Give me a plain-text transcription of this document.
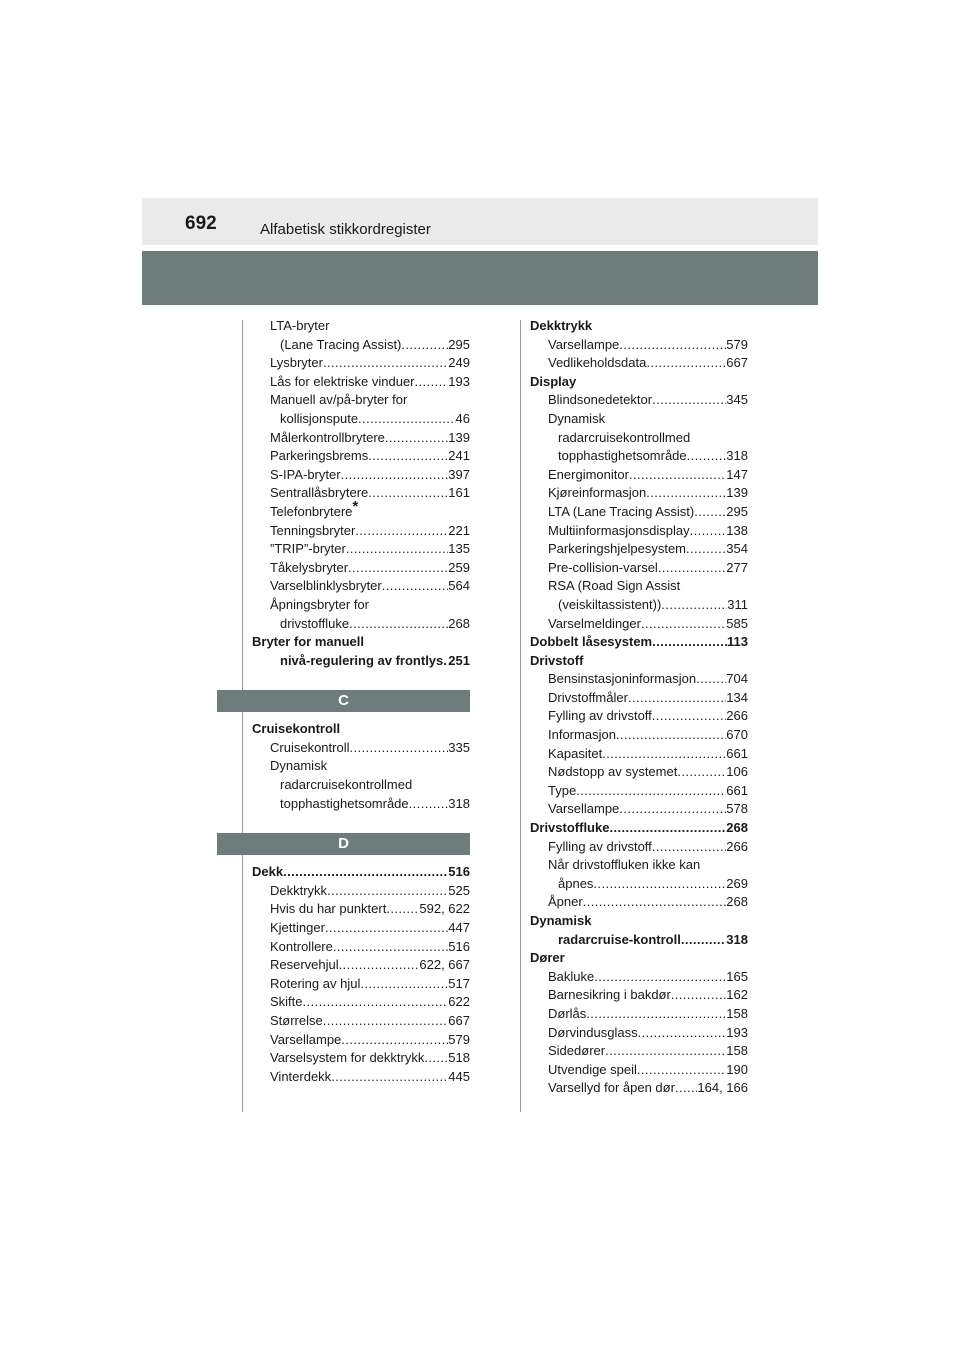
692	Alfabetisk stikkordregister
LTA-bryter
(Lane Tracing Assist) .....	295
Lysbryter .....	249
Lås for elektriske vinduer .....	193
Manuell av/på-bryter for
kollisjonspute .....	46
Målerkontrollbrytere .....	139
Parkeringsbrems .....	241
S-IPA-bryter .....	397
Sentrallåsbrytere .....	161
Telefonbrytere*
Tenningsbryter .....	221
”TRIP”-bryter .....	135
Tåkelysbryter .....	259
Varselblinklysbryter .....	564
Åpningsbryter for
drivstoffluke .....	268
Bryter for manuell
nivå-regulering av frontlys ..... 251
C
Cruisekontroll
Cruisekontroll .....	335
Dynamisk
radarcruisekontrollmed
topphastighetsområde .....	318
D
Dekk .....	516
Dekktrykk .....	525
Hvis du har punktert .....	592, 622
Kjettinger .....	447
Kontrollere .....	516
Reservehjul .....	622, 667
Rotering av hjul .....	517
Skifte .....	622
Størrelse .....	667
Varsellampe .....	579
Varselsystem for dekktrykk ..... 518
Vinterdekk .....	445
Dekktrykk
Varsellampe .....	579
Vedlikeholdsdata .....	667
Display
Blindsonedetektor .....	345
Dynamisk
radarcruisekontrollmed
topphastighetsområde .....	318
Energimonitor .....	147
Kjøreinformasjon .....	139
LTA (Lane Tracing Assist) ..... 295
Multiinformasjonsdisplay .....	138
Parkeringshjelpesystem .....	354
Pre-collision-varsel .....	277
RSA (Road Sign Assist
(veiskiltassistent)) .....	311
Varselmeldinger .....	585
Dobbelt låsesystem .....	113
Drivstoff
Bensinstasjoninformasjon ..... 704
Drivstoffmåler .....	134
Fylling av drivstoff .....	266
Informasjon .....	670
Kapasitet .....	661
Nødstopp av systemet .....	106
Type .....	661
Varsellampe .....	578
Drivstoffluke .....	268
Fylling av drivstoff .....	266
Når drivstoffluken ikke kan
åpnes .....	269
Åpner .....	268
Dynamisk
radarcruise-kontroll .....	318
Dører
Bakluke .....	165
Barnesikring i bakdør .....	162
Dørlås .....	158
Dørvindusglass .....	193
Sidedører .....	158
Utvendige speil .....	190
Varsellyd for åpen dør ..... 164, 166
